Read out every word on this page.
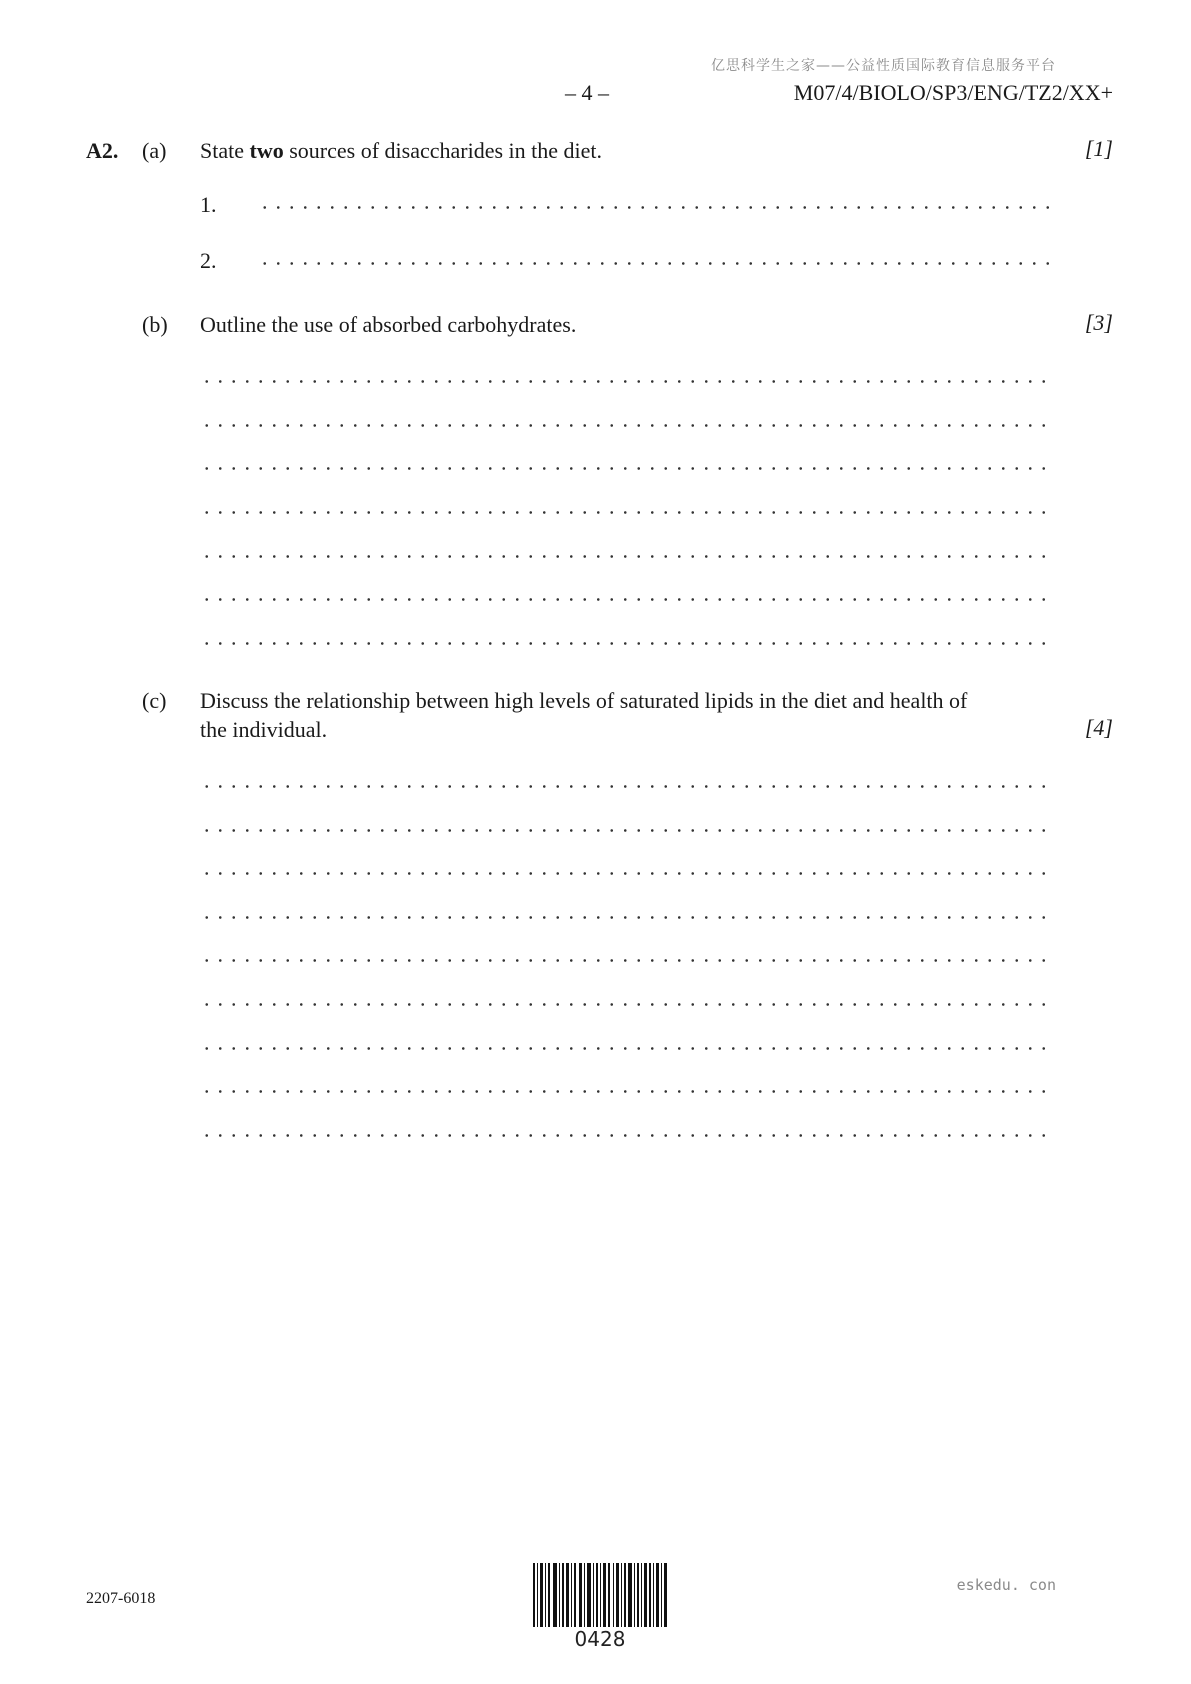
亿思科学生之家——公益性质国际教育信息服务平台
– 4 –	M07/4/BIOLO/SP3/ENG/TZ2/XX+
A2. (a) State two sources of disaccharides in the diet.	[1]
1.
2.
(b) Outline the use of absorbed carbohydrates.	[3]
(c) Discuss the relationship between high levels of saturated lipids in the diet and health of
the individual.	[4]
2207-6018
eskedu. con
0428
